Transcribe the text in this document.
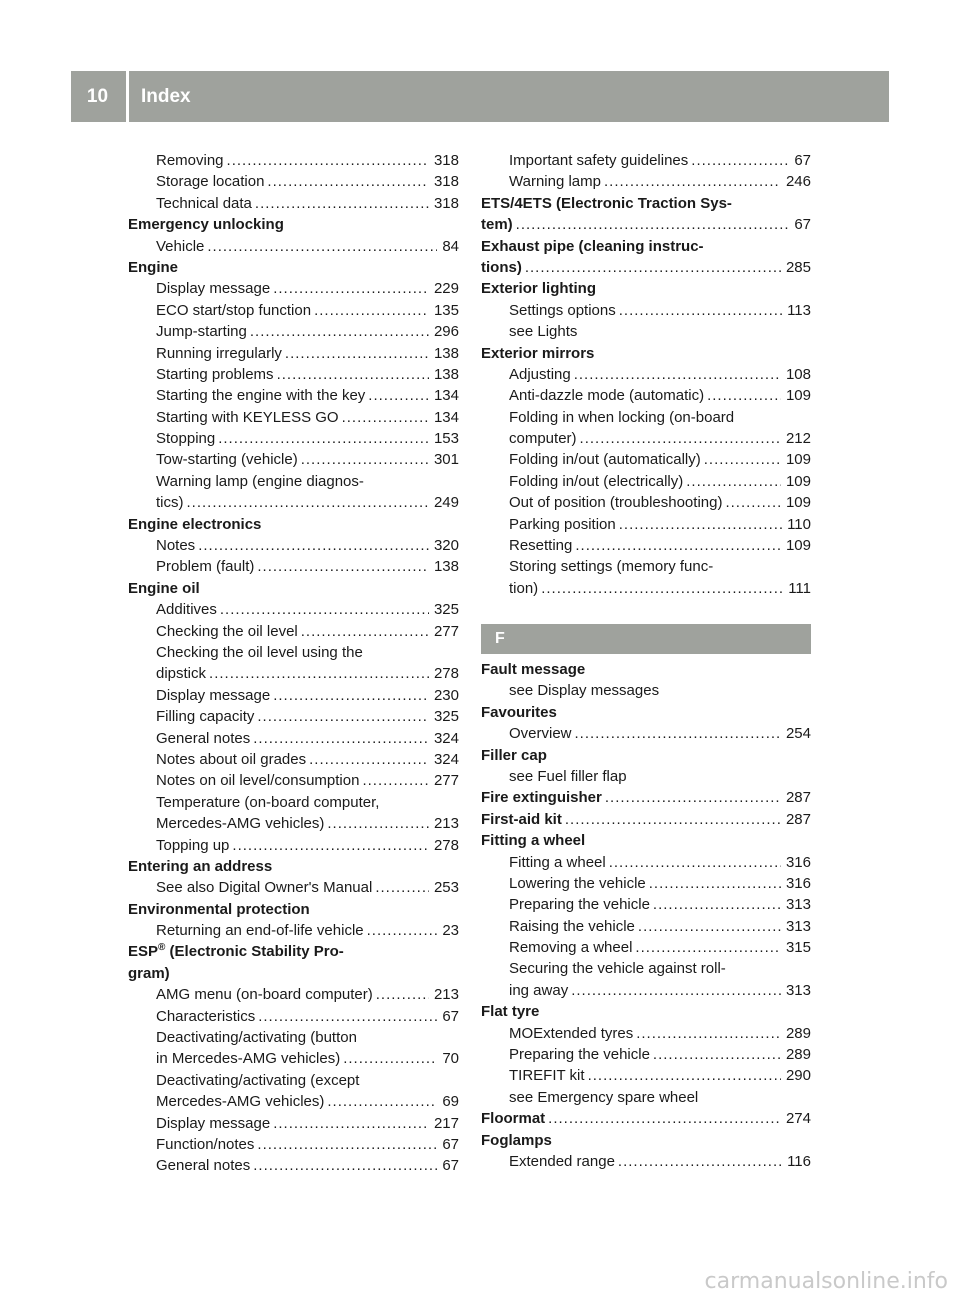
10	Index
Removing .....	318
Storage location .....	318
Technical data .....	318
Emergency unlocking
Vehicle .....	84
Engine
Display message .....	229
ECO start/stop function .....	135
Jump-starting .....	296
Running irregularly .....	138
Starting problems .....	138
Starting the engine with the key .....	134
Starting with KEYLESS GO .....	134
Stopping .....	153
Tow-starting (vehicle) .....	301
Warning lamp (engine diagnos-
tics) .....	249
Engine electronics
Notes .....	320
Problem (fault) .....	138
Engine oil
Additives .....	325
Checking the oil level .....	277
Checking the oil level using the
dipstick .....	278
Display message .....	230
Filling capacity .....	325
General notes .....	324
Notes about oil grades .....	324
Notes on oil level/consumption .....	277
Temperature (on-board computer,
Mercedes-AMG vehicles) .....	213
Topping up .....	278
Entering an address
See also Digital Owner's Manual .....	253
Environmental protection
Returning an end-of-life vehicle .....	23
ESP® (Electronic Stability Pro-
gram)
AMG menu (on-board computer) .....	213
Characteristics .....	67
Deactivating/activating (button
in Mercedes-AMG vehicles) .....	70
Deactivating/activating (except
Mercedes-AMG vehicles) .....	69
Display message .....	217
Function/notes .....	67
General notes .....	67
Important safety guidelines .....	67
Warning lamp .....	246
ETS/4ETS (Electronic Traction Sys-
tem) .....	67
Exhaust pipe (cleaning instruc-
tions) .....	285
Exterior lighting
Settings options .....	113
see Lights
Exterior mirrors
Adjusting .....	108
Anti-dazzle mode (automatic) .....	109
Folding in when locking (on-board
computer) .....	212
Folding in/out (automatically) .....	109
Folding in/out (electrically) .....	109
Out of position (troubleshooting) .....	109
Parking position .....	110
Resetting .....	109
Storing settings (memory func-
tion) .....	111
F
Fault message
see Display messages
Favourites
Overview .....	254
Filler cap
see Fuel filler flap
Fire extinguisher .....	287
First-aid kit .....	287
Fitting a wheel
Fitting a wheel .....	316
Lowering the vehicle .....	316
Preparing the vehicle .....	313
Raising the vehicle .....	313
Removing a wheel .....	315
Securing the vehicle against roll-
ing away .....	313
Flat tyre
MOExtended tyres .....	289
Preparing the vehicle .....	289
TIREFIT kit .....	290
see Emergency spare wheel
Floormat .....	274
Foglamps
Extended range .....	116
carmanualsonline.info
